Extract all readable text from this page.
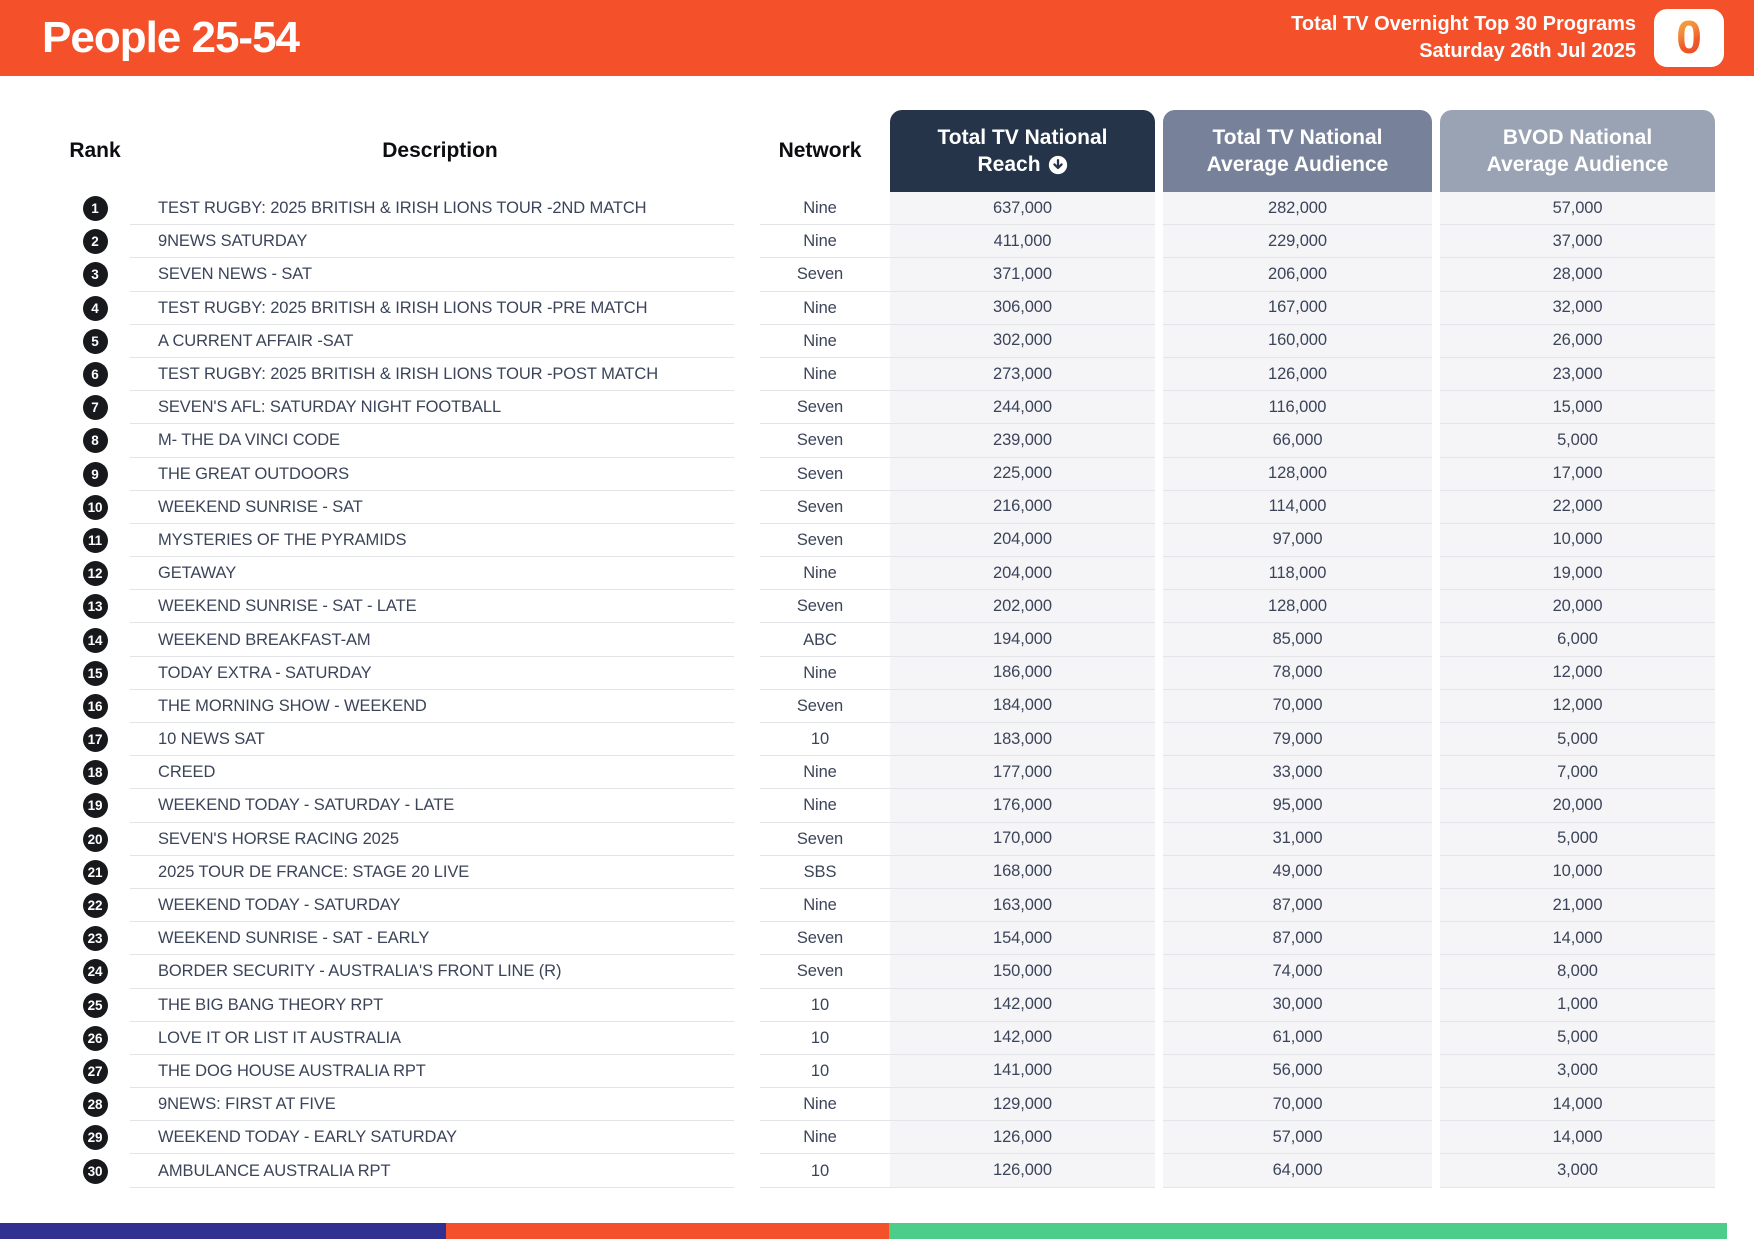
People 25-54	Total TV Overnight Top 30 Programs
Saturday 26th Jul 2025 0
Rank	Description	Network
Total TV National
Reach
Total TV National
Average Audience
BVOD National
Average Audience
1	TEST RUGBY: 2025 BRITISH & IRISH LIONS TOUR -2ND MATCH	Nine	637,000	282,000	57,000
2	9NEWS SATURDAY	Nine	411,000	229,000	37,000
3	SEVEN NEWS - SAT	Seven	371,000	206,000	28,000
4	TEST RUGBY: 2025 BRITISH & IRISH LIONS TOUR -PRE MATCH	Nine	306,000	167,000	32,000
5	A CURRENT AFFAIR -SAT	Nine	302,000	160,000	26,000
6	TEST RUGBY: 2025 BRITISH & IRISH LIONS TOUR -POST MATCH	Nine	273,000	126,000	23,000
7	SEVEN'S AFL: SATURDAY NIGHT FOOTBALL	Seven	244,000	116,000	15,000
8	M- THE DA VINCI CODE	Seven	239,000	66,000	5,000
9	THE GREAT OUTDOORS	Seven	225,000	128,000	17,000
10	WEEKEND SUNRISE - SAT	Seven	216,000	114,000	22,000
11	MYSTERIES OF THE PYRAMIDS	Seven	204,000	97,000	10,000
12	GETAWAY	Nine	204,000	118,000	19,000
13	WEEKEND SUNRISE - SAT - LATE	Seven	202,000	128,000	20,000
14	WEEKEND BREAKFAST-AM	ABC	194,000	85,000	6,000
15	TODAY EXTRA - SATURDAY	Nine	186,000	78,000	12,000
16	THE MORNING SHOW - WEEKEND	Seven	184,000	70,000	12,000
17	10 NEWS SAT	10	183,000	79,000	5,000
18	CREED	Nine	177,000	33,000	7,000
19	WEEKEND TODAY - SATURDAY - LATE	Nine	176,000	95,000	20,000
20	SEVEN'S HORSE RACING 2025	Seven	170,000	31,000	5,000
21	2025 TOUR DE FRANCE: STAGE 20 LIVE	SBS	168,000	49,000	10,000
22	WEEKEND TODAY - SATURDAY	Nine	163,000	87,000	21,000
23	WEEKEND SUNRISE - SAT - EARLY	Seven	154,000	87,000	14,000
24	BORDER SECURITY - AUSTRALIA'S FRONT LINE (R)	Seven	150,000	74,000	8,000
25	THE BIG BANG THEORY RPT	10	142,000	30,000	1,000
26	LOVE IT OR LIST IT AUSTRALIA	10	142,000	61,000	5,000
27	THE DOG HOUSE AUSTRALIA RPT	10	141,000	56,000	3,000
28	9NEWS: FIRST AT FIVE	Nine	129,000	70,000	14,000
29	WEEKEND TODAY - EARLY SATURDAY	Nine	126,000	57,000	14,000
30	AMBULANCE AUSTRALIA RPT	10	126,000	64,000	3,000
